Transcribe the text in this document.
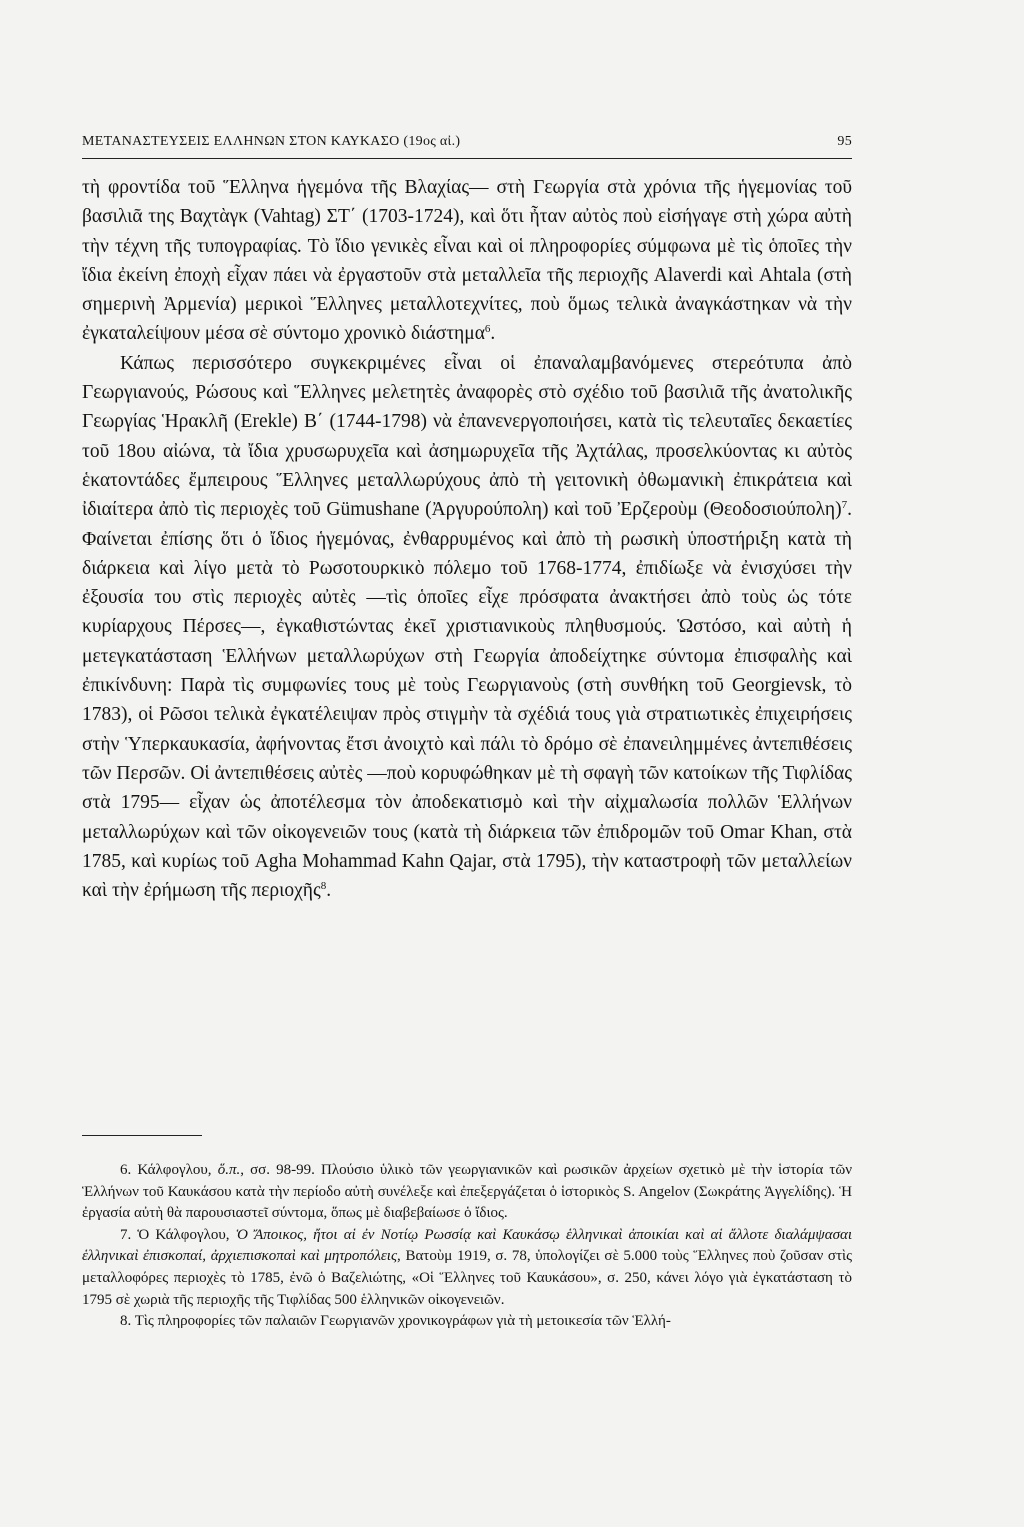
ΜΕΤΑΝΑΣΤΕΥΣΕΙΣ ΕΛΛΗΝΩΝ ΣΤΟΝ ΚΑΥΚΑΣΟ (19ος αἰ.)	95

τὴ φροντίδα τοῦ Ἕλληνα ἡγεμόνα τῆς Βλαχίας— στὴ Γεωργία στὰ χρόνια τῆς ἡγεμονίας τοῦ βασιλιᾶ της Βαχτὰγκ (Vahtag) ΣΤ΄ (1703-1724), καὶ ὅτι ἦταν αὐτὸς ποὺ εἰσήγαγε στὴ χώρα αὐτὴ τὴν τέχνη τῆς τυπογραφίας. Τὸ ἴδιο γενικὲς εἶναι καὶ οἱ πληροφορίες σύμφωνα μὲ τὶς ὁποῖες τὴν ἴδια ἐκείνη ἐποχὴ εἶχαν πάει νὰ ἐργαστοῦν στὰ μεταλλεῖα τῆς περιοχῆς Alaverdi καὶ Ahtala (στὴ σημερινὴ Ἀρμενία) μερικοὶ Ἕλληνες μεταλλοτεχνίτες, ποὺ ὅμως τελικὰ ἀναγκάστηκαν νὰ τὴν ἐγκαταλείψουν μέσα σὲ σύντομο χρονικὸ διάστημα$^6$.

Κάπως περισσότερο συγκεκριμένες εἶναι οἱ ἐπαναλαμβανόμενες στερεότυπα ἀπὸ Γεωργιανούς, Ρώσους καὶ Ἕλληνες μελετητὲς ἀναφορὲς στὸ σχέδιο τοῦ βασιλιᾶ τῆς ἀνατολικῆς Γεωργίας Ἡρακλῆ (Erekle) Β΄ (1744-1798) νὰ ἐπανενεργοποιήσει, κατὰ τὶς τελευταῖες δεκαετίες τοῦ 18ου αἰώνα, τὰ ἴδια χρυσωρυχεῖα καὶ ἀσημωρυχεῖα τῆς Ἀχτάλας, προσελκύοντας κι αὐτὸς ἑκατοντάδες ἔμπειρους Ἕλληνες μεταλλωρύχους ἀπὸ τὴ γειτονικὴ ὀθωμανικὴ ἐπικράτεια καὶ ἰδιαίτερα ἀπὸ τὶς περιοχὲς τοῦ Gümushane (Ἀργυρούπολη) καὶ τοῦ Ἐρζερoὺμ $(\Theta\varepsilon o\delta o\sigma\iota oύ\pi o\lambda\eta)^7$. Φαίνεται ἐπίσης ὅτι ὁ ἴδιος ἡγεμόνας, ἐνθαρρυμένος καὶ ἀπὸ τὴ ρωσικὴ ὑποστήριξη κατὰ τὴ διάρκεια καὶ λίγο μετὰ τὸ Ρωσοτουρκικὸ πόλεμο τοῦ 1768-1774, ἐπιδίωξε νὰ ἐνισχύσει τὴν ἐξουσία του στὶς περιοχὲς αὐτὲς —τὶς ὁποῖες εἶχε πρόσφατα ἀνακτήσει ἀπὸ τοὺς ὡς τότε κυρίαρχους Πέρσες—, ἐγκαθιστώντας ἐκεῖ χριστιανικοὺς πληθυσμούς. Ὡστόσο, καὶ αὐτὴ ἡ μετεγκατάσταση Ἑλλήνων μεταλλωρύχων στὴ Γεωργία ἀποδείχτηκε σύντομα ἐπισφαλὴς καὶ ἐπικίνδυνη: Παρὰ τὶς συμφωνίες τους μὲ τοὺς Γεωργιανοὺς (στὴ συνθήκη τοῦ Georgievsk, τὸ 1783), οἱ Ρῶσοι τελικὰ ἐγκατέλειψαν πρὸς στιγμὴν τὰ σχέδιά τους γιὰ στρατιωτικὲς ἐπιχειρήσεις στὴν Ὑπερκαυκασία, ἀφήνοντας ἔτσι ἀνοιχτὸ καὶ πάλι τὸ δρόμο σὲ ἐπανειλημμένες ἀντεπιθέσεις τῶν Περσῶν. Οἱ ἀντεπιθέσεις αὐτὲς —ποὺ κορυφώθηκαν μὲ τὴ σφαγὴ τῶν κατοίκων τῆς Τιφλίδας στὰ 1795— εἶχαν ὡς ἀποτέλεσμα τὸν ἀποδεκατισμὸ καὶ τὴν αἰχμαλωσία πολλῶν Ἑλλήνων μεταλλωρύχων καὶ τῶν οἰκογενειῶν τους (κατὰ τὴ διάρκεια τῶν ἐπιδρομῶν τοῦ Omar Khan, στὰ 1785, καὶ κυρίως τοῦ Agha Mohammad Kahn Qajar, στὰ 1795), τὴν καταστροφὴ τῶν μεταλλείων καὶ τὴν ἐρήμωση τῆς περιοχῆς$^8$.

6. Κάλφογλου, ὅ.π., σσ. 98-99. Πλούσιο ὑλικὸ τῶν γεωργιανικῶν καὶ ρωσικῶν ἀρχείων σχετικὸ μὲ τὴν ἱστορία τῶν Ἑλλήνων τοῦ Καυκάσου κατὰ τὴν περίοδο αὐτὴ συνέλεξε καὶ ἐπεξεργάζεται ὁ ἱστορικὸς S. Angelov (Σωκράτης Ἀγγελίδης). Ἡ ἐργασία αὐτὴ θὰ παρουσιαστεῖ σύντομα, ὅπως μὲ διαβεβαίωσε ὁ ἴδιος.

7. Ὁ Κάλφογλου, Ὁ Ἄποικος, ἤτοι αἱ ἐν Νοτίῳ Ρωσσίᾳ καὶ Καυκάσῳ ἑλληνικαὶ ἀποικίαι καὶ αἱ ἄλλοτε διαλάμψασαι ἑλληνικαὶ ἐπισκοπαί, ἀρχιεπισκοπαὶ καὶ μητροπόλεις, Βατοὺμ 1919, σ. 78, ὑπολογίζει σὲ 5.000 τοὺς Ἕλληνες ποὺ ζοῦσαν στὶς μεταλλοφόρες περιοχὲς τὸ 1785, ἐνῶ ὁ Βαζελιώτης, «Οἱ Ἕλληνες τοῦ Καυκάσου», σ. 250, κάνει λόγο γιὰ ἐγκατάσταση τὸ 1795 σὲ χωριὰ τῆς περιοχῆς τῆς Τιφλίδας 500 ἑλληνικῶν οἰκογενειῶν.

8. Τὶς πληροφορίες τῶν παλαιῶν Γεωργιανῶν χρονικογράφων γιὰ τὴ μετοικεσία τῶν Ἑλλή-
